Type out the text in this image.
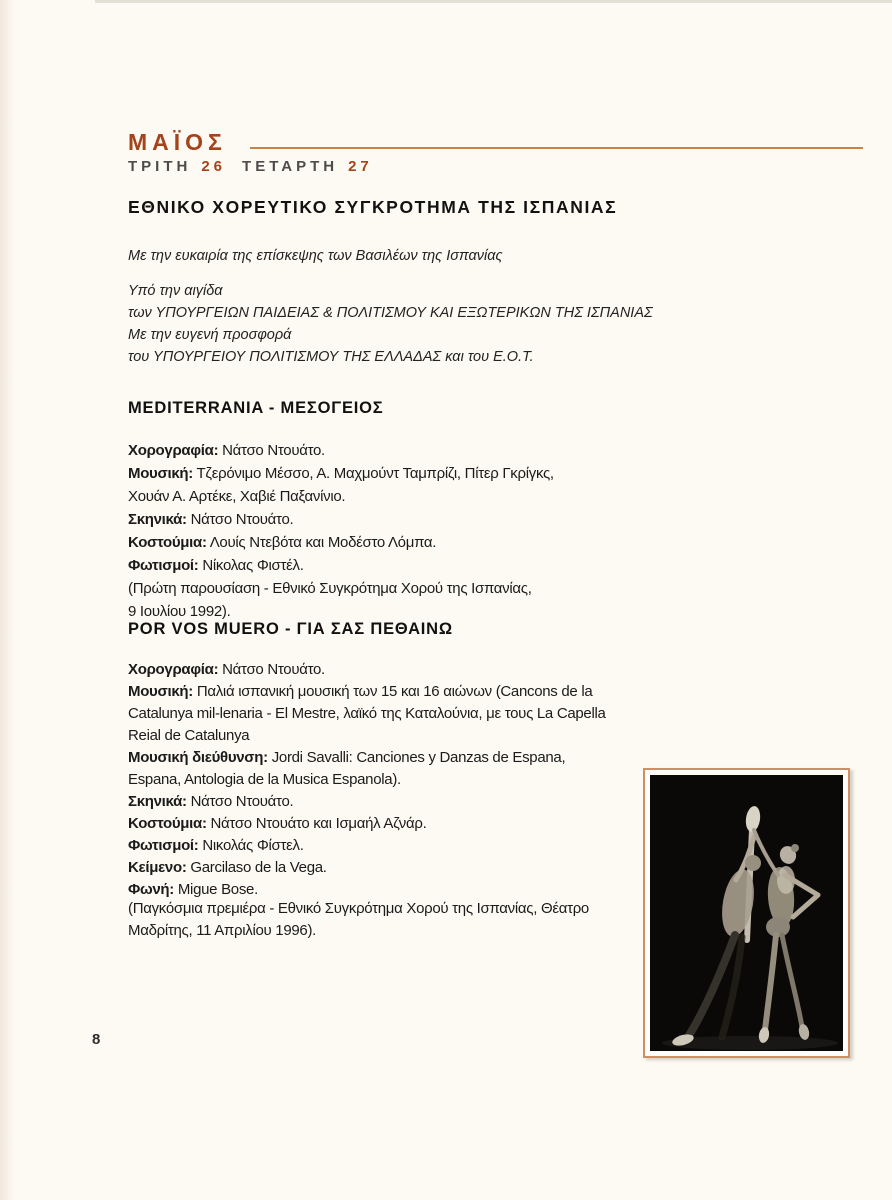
ΜΑΪΟΣ
ΤΡΙΤΗ 26 ΤΕΤΑΡΤΗ 27
ΕΘΝΙΚΟ ΧΟΡΕΥΤΙΚΟ ΣΥΓΚΡΟΤΗΜΑ ΤΗΣ ΙΣΠΑΝΙΑΣ
Με την ευκαιρία της επίσκεψης των Βασιλέων της Ισπανίας
Υπό την αιγίδα
των ΥΠΟΥΡΓΕΙΩΝ ΠΑΙΔΕΙΑΣ & ΠΟΛΙΤΙΣΜΟΥ ΚΑΙ ΕΞΩΤΕΡΙΚΩΝ ΤΗΣ ΙΣΠΑΝΙΑΣ
Με την ευγενή προσφορά
του ΥΠΟΥΡΓΕΙΟΥ ΠΟΛΙΤΙΣΜΟΥ ΤΗΣ ΕΛΛΑΔΑΣ και του Ε.Ο.Τ.
MEDITERRANIA - ΜΕΣΟΓΕΙΟΣ
Χορογραφία: Νάτσο Ντουάτο.
Μουσική: Τζερόνιμο Μέσσο, Α. Μαχμούντ Ταμπρίζι, Πίτερ Γκρίγκς,
Χουάν Α. Αρτέκε, Χαβιέ Παξανίνιο.
Σκηνικά: Νάτσο Ντουάτο.
Κοστούμια: Λουίς Ντεβότα και Μοδέστο Λόμπα.
Φωτισμοί: Νίκολας Φιστέλ.
(Πρώτη παρουσίαση - Εθνικό Συγκρότημα Χορού της Ισπανίας,
9 Ιουλίου 1992).
POR VOS MUERO - ΓΙΑ ΣΑΣ ΠΕΘΑΙΝΩ
Χορογραφία: Νάτσο Ντουάτο.
Μουσική: Παλιά ισπανική μουσική των 15 και 16 αιώνων (Cancons de la
Catalunya mil-lenaria - El Mestre, λαϊκό της Καταλούνια, με τους La Capella
Reial de Catalunya
Μουσική διεύθυνση: Jordi Savalli: Canciones y Danzas de Espana,
Espana, Antologia de la Musica Espanola).
Σκηνικά: Νάτσο Ντουάτο.
Κοστούμια: Νάτσο Ντουάτο και Ισμαήλ Αζνάρ.
Φωτισμοί: Νικολάς Φίστελ.
Κείμενο: Garcilaso de la Vega.
Φωνή: Migue Bose.
(Παγκόσμια πρεμιέρα - Εθνικό Συγκρότημα Χορού της Ισπανίας, Θέατρο
Μαδρίτης, 11 Απριλίου 1996).
8
